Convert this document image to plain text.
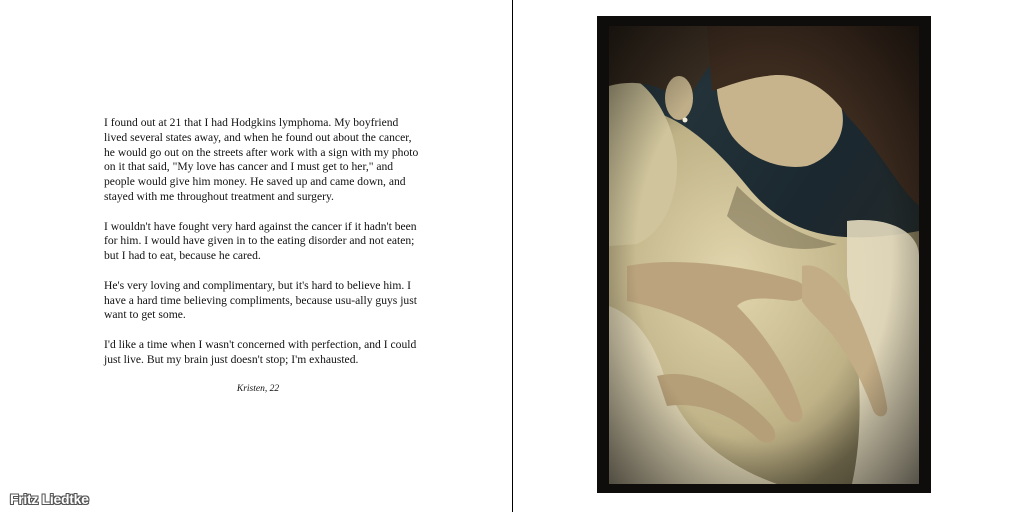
I found out at 21 that I had Hodgkins lymphoma. My boyfriend lived several states away, and when he found out about the cancer, he would go out on the streets after work with a sign with my photo on it that said, "My love has cancer and I must get to her," and people would give him money. He saved up and came down, and stayed with me throughout treatment and surgery.

I wouldn't have fought very hard against the cancer if it hadn't been for him. I would have given in to the eating disorder and not eaten; but I had to eat, because he cared.

He's very loving and complimentary, but it's hard to believe him. I have a hard time believing compliments, because usu-ally guys just want to get some.

I'd like a time when I wasn't concerned with perfection, and I could just live. But my brain just doesn't stop; I'm exhausted.

Kristen, 22
Fritz Liedtke
